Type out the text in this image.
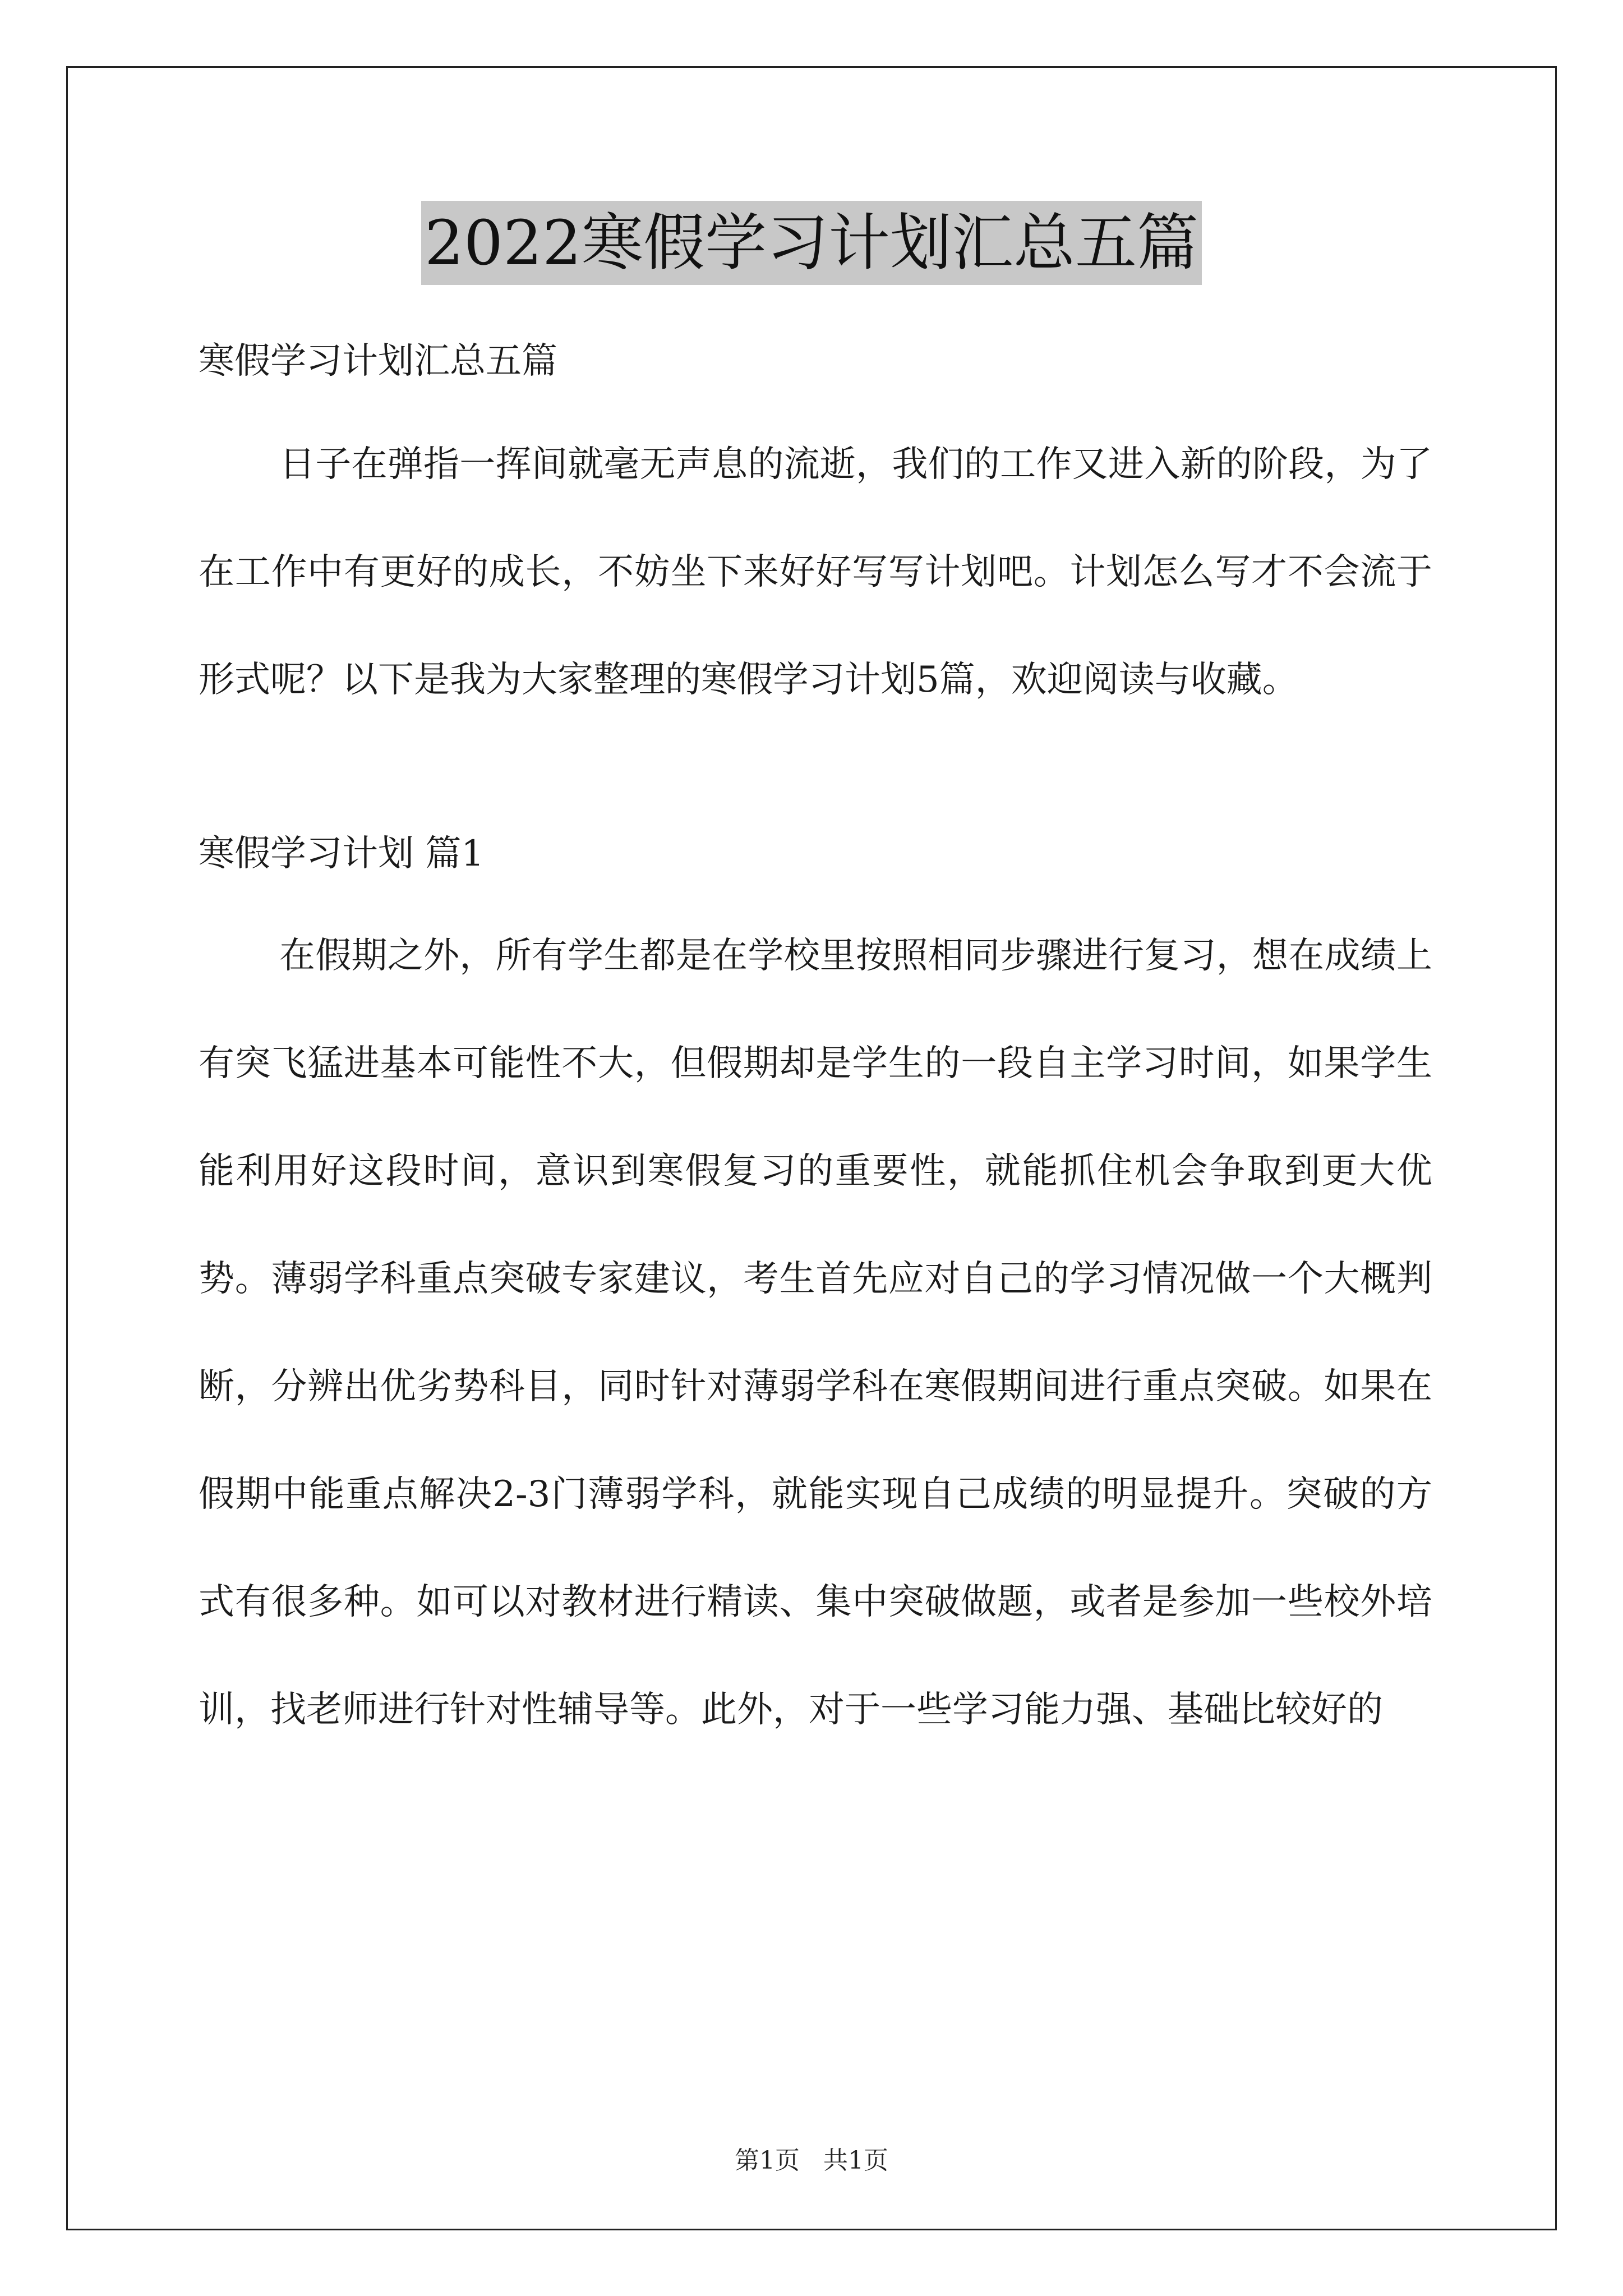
2022寒假学习计划汇总五篇

寒假学习计划汇总五篇

日子在弹指一挥间就毫无声息的流逝，我们的工作又进入新的阶段，为了在工作中有更好的成长，不妨坐下来好好写写计划吧。计划怎么写才不会流于形式呢？以下是我为大家整理的寒假学习计划5篇，欢迎阅读与收藏。

寒假学习计划 篇1

在假期之外，所有学生都是在学校里按照相同步骤进行复习，想在成绩上有突飞猛进基本可能性不大，但假期却是学生的一段自主学习时间，如果学生能利用好这段时间，意识到寒假复习的重要性，就能抓住机会争取到更大优势。薄弱学科重点突破专家建议，考生首先应对自己的学习情况做一个大概判断，分辨出优劣势科目，同时针对薄弱学科在寒假期间进行重点突破。如果在假期中能重点解决2-3门薄弱学科，就能实现自己成绩的明显提升。突破的方式有很多种。如可以对教材进行精读、集中突破做题，或者是参加一些校外培训，找老师进行针对性辅导等。此外，对于一些学习能力强、基础比较好的

第1页   共1页
